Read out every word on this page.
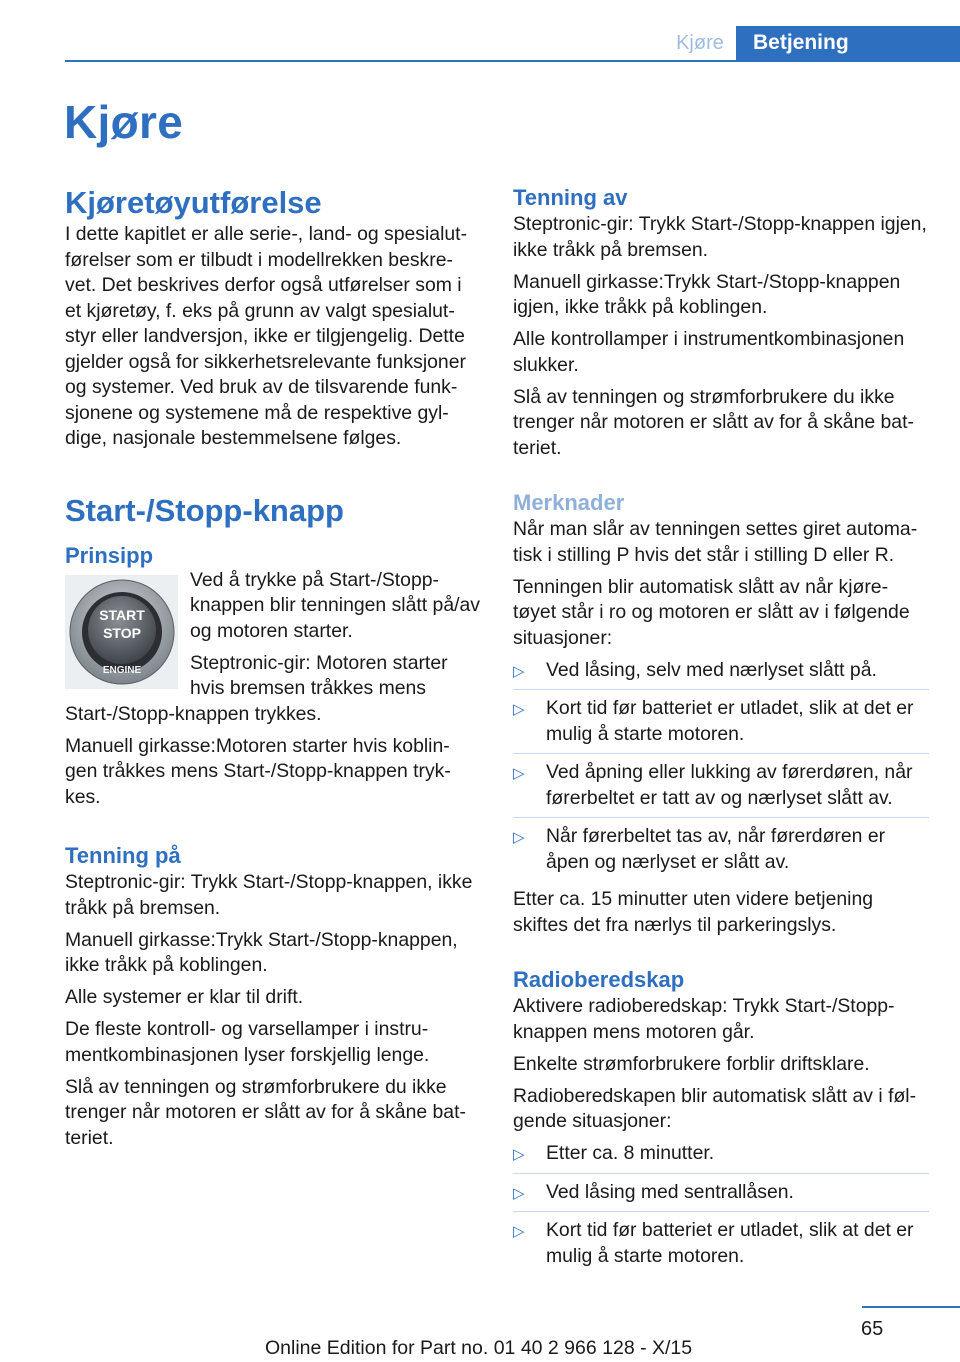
Kjøre	Betjening
Kjøre
Kjøretøyutførelse

I dette kapitlet er alle serie-, land- og spesialut-førelser som er tilbudt i modellrekken beskre-vet. Det beskrives derfor også utførelser som i et kjøretøy, f. eks på grunn av valgt spesialut-styr eller landversjon, ikke er tilgjengelig. Dette gjelder også for sikkerhetsrelevante funksjoner og systemer. Ved bruk av de tilsvarende funk-sjonene og systemene må de respektive gyl-dige, nasjonale bestemmelsene følges.

Start-/Stopp-knapp
Prinsipp
START
STOP
ENGINE

Ved å trykke på Start-/Stopp-knappen blir tenningen slått på/av og motoren starter.

Steptronic-gir: Motoren starter hvis bremsen tråkkes mens Start-/Stopp-knappen trykkes.

Manuell girkasse:Motoren starter hvis koblin-gen tråkkes mens Start-/Stopp-knappen tryk-kes.

Tenning på

Steptronic-gir: Trykk Start-/Stopp-knappen, ikke tråkk på bremsen.

Manuell girkasse:Trykk Start-/Stopp-knappen, ikke tråkk på koblingen.

Alle systemer er klar til drift.

De fleste kontroll- og varsellamper i instru-mentkombinasjonen lyser forskjellig lenge.

Slå av tenningen og strømforbrukere du ikke trenger når motoren er slått av for å skåne bat-teriet.

Tenning av

Steptronic-gir: Trykk Start-/Stopp-knappen igjen, ikke tråkk på bremsen.

Manuell girkasse:Trykk Start-/Stopp-knappen igjen, ikke tråkk på koblingen.

Alle kontrollamper i instrumentkombinasjonen slukker.

Slå av tenningen og strømforbrukere du ikke trenger når motoren er slått av for å skåne bat-teriet.

Merknader

Når man slår av tenningen settes giret automa-tisk i stilling P hvis det står i stilling D eller R.

Tenningen blir automatisk slått av når kjøre-tøyet står i ro og motoren er slått av i følgende situasjoner:

▷ Ved låsing, selv med nærlyset slått på.
▷ Kort tid før batteriet er utladet, slik at det er mulig å starte motoren.
▷ Ved åpning eller lukking av førerdøren, når førerbeltet er tatt av og nærlyset slått av.
▷ Når førerbeltet tas av, når førerdøren er åpen og nærlyset er slått av.

Etter ca. 15 minutter uten videre betjening skiftes det fra nærlys til parkeringslys.

Radioberedskap

Aktivere radioberedskap: Trykk Start-/Stopp-knappen mens motoren går.

Enkelte strømforbrukere forblir driftsklare.

Radioberedskapen blir automatisk slått av i føl-gende situasjoner:

▷ Etter ca. 8 minutter.
▷ Ved låsing med sentrallåsen.
▷ Kort tid før batteriet er utladet, slik at det er mulig å starte motoren.
65
Online Edition for Part no. 01 40 2 966 128 - X/15
